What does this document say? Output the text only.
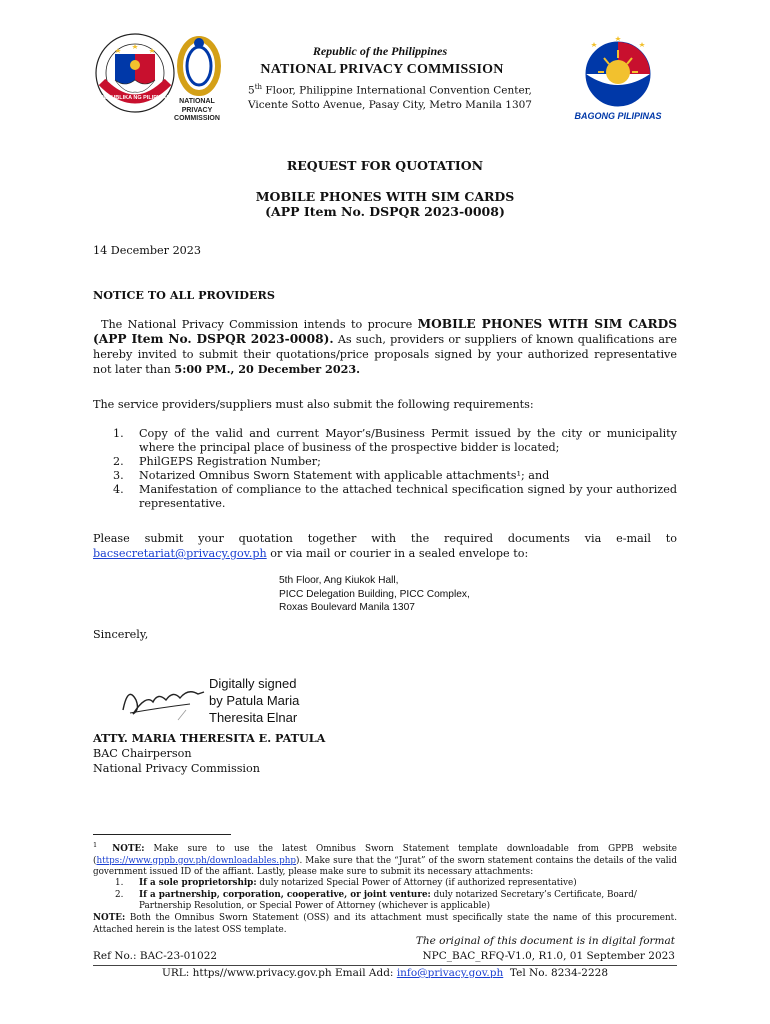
REPUBLIKA NG PILIPINAS	NATIONAL
PRIVACY
COMMISSION
Republic of the Philippines
NATIONAL PRIVACY COMMISSION
5th Floor, Philippine International Convention Center,
Vicente Sotto Avenue, Pasay City, Metro Manila 1307
BAGONG PILIPINAS
REQUEST FOR QUOTATION
MOBILE PHONES WITH SIM CARDS
(APP Item No. DSPQR 2023-0008)
14 December 2023
NOTICE TO ALL PROVIDERS
The National Privacy Commission intends to procure MOBILE PHONES WITH SIM CARDS (APP Item No. DSPQR 2023-0008). As such, providers or suppliers of known qualifications are hereby invited to submit their quotations/price proposals signed by your authorized representative not later than 5:00 PM., 20 December 2023.
The service providers/suppliers must also submit the following requirements:
1. Copy of the valid and current Mayor’s/Business Permit issued by the city or municipality where the principal place of business of the prospective bidder is located;
2. PhilGEPS Registration Number;
3. Notarized Omnibus Sworn Statement with applicable attachments¹; and
4. Manifestation of compliance to the attached technical specification signed by your authorized representative.
Please submit your quotation together with the required documents via e-mail to bacsecretariat@privacy.gov.ph or via mail or courier in a sealed envelope to:
5th Floor, Ang Kiukok Hall,
PICC Delegation Building, PICC Complex,
Roxas Boulevard Manila 1307
Sincerely,
Digitally signed
by Patula Maria
Theresita Elnar
ATTY. MARIA THERESITA E. PATULA
BAC Chairperson
National Privacy Commission
$^1$ NOTE: Make sure to use the latest Omnibus Sworn Statement template downloadable from GPPB website (https://www.gppb.gov.ph/downloadables.php). Make sure that the “Jurat” of the sworn statement contains the details of the valid government issued ID of the affiant. Lastly, please make sure to submit its necessary attachments:
1.	If a sole proprietorship: duly notarized Special Power of Attorney (if authorized representative)
2.	If a partnership, corporation, cooperative, or joint venture: duly notarized Secretary’s Certificate, Board/ Partnership Resolution, or Special Power of Attorney (whichever is applicable)
NOTE: Both the Omnibus Sworn Statement (OSS) and its attachment must specifically state the name of this procurement. Attached herein is the latest OSS template.
The original of this document is in digital format
Ref No.: BAC-23-01022	NPC_BAC_RFQ-V1.0, R1.0, 01 September 2023
URL: https//www.privacy.gov.ph Email Add: info@privacy.gov.ph  Tel No. 8234-2228
